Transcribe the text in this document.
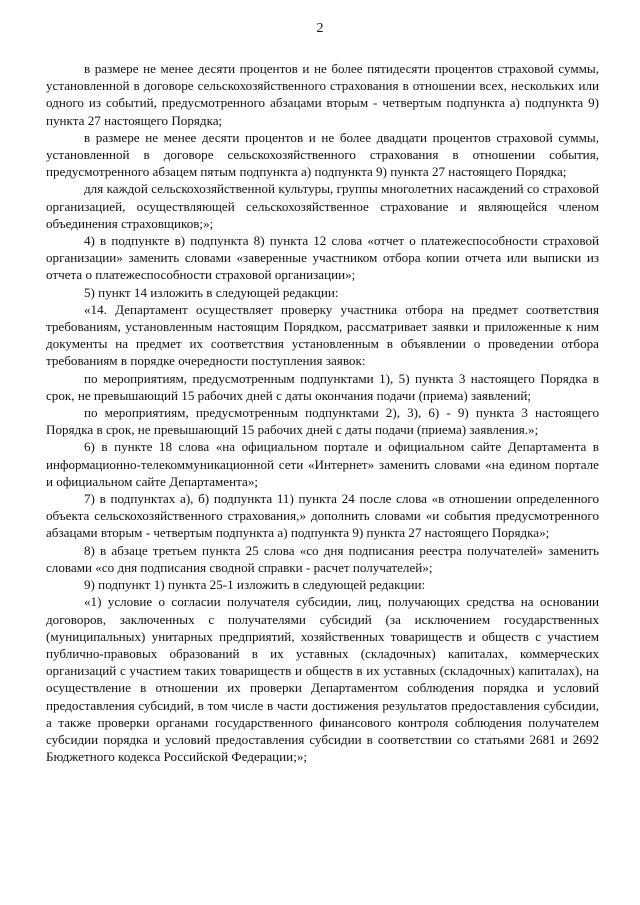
2

в размере не менее десяти процентов и не более пятидесяти процентов страховой суммы, установленной в договоре сельскохозяйственного страхования в отношении всех, нескольких или одного из событий, предусмотренного абзацами вторым - четвертым подпункта а) подпункта 9) пункта 27 настоящего Порядка;

в размере не менее десяти процентов и не более двадцати процентов страховой суммы, установленной в договоре сельскохозяйственного страхования в отношении события, предусмотренного абзацем пятым подпункта а) подпункта 9) пункта 27 настоящего Порядка;

для каждой сельскохозяйственной культуры, группы многолетних насаждений со страховой организацией, осуществляющей сельскохозяйственное страхование и являющейся членом объединения страховщиков;»;

4) в подпункте в) подпункта 8) пункта 12 слова «отчет о платежеспособности страховой организации» заменить словами «заверенные участником отбора копии отчета или выписки из отчета о платежеспособности страховой организации»;

5) пункт 14 изложить в следующей редакции:

«14. Департамент осуществляет проверку участника отбора на предмет соответствия требованиям, установленным настоящим Порядком, рассматривает заявки и приложенные к ним документы на предмет их соответствия установленным в объявлении о проведении отбора требованиям в порядке очередности поступления заявок:

по мероприятиям, предусмотренным подпунктами 1), 5) пункта 3 настоящего Порядка в срок, не превышающий 15 рабочих дней с даты окончания подачи (приема) заявлений;

по мероприятиям, предусмотренным подпунктами 2), 3), 6) - 9) пункта 3 настоящего Порядка в срок, не превышающий 15 рабочих дней с даты подачи (приема) заявления.»;

6) в пункте 18 слова «на официальном портале и официальном сайте Департамента в информационно-телекоммуникационной сети «Интернет» заменить словами «на едином портале и официальном сайте Департамента»;

7) в подпунктах а), б) подпункта 11) пункта 24 после слова «в отношении определенного объекта сельскохозяйственного страхования,» дополнить словами «и события предусмотренного абзацами вторым - четвертым подпункта а) подпункта 9) пункта 27 настоящего Порядка»;

8) в абзаце третьем пункта 25 слова «со дня подписания реестра получателей» заменить словами «со дня подписания сводной справки - расчет получателей»;

9) подпункт 1) пункта 25-1 изложить в следующей редакции:

«1) условие о согласии получателя субсидии, лиц, получающих средства на основании договоров, заключенных с получателями субсидий (за исключением государственных (муниципальных) унитарных предприятий, хозяйственных товариществ и обществ с участием публично-правовых образований в их уставных (складочных) капиталах, коммерческих организаций с участием таких товариществ и обществ в их уставных (складочных) капиталах), на осуществление в отношении их проверки Департаментом соблюдения порядка и условий предоставления субсидий, в том числе в части достижения результатов предоставления субсидии, а также проверки органами государственного финансового контроля соблюдения получателем субсидии порядка и условий предоставления субсидии в соответствии со статьями 2681 и 2692 Бюджетного кодекса Российской Федерации;»;
